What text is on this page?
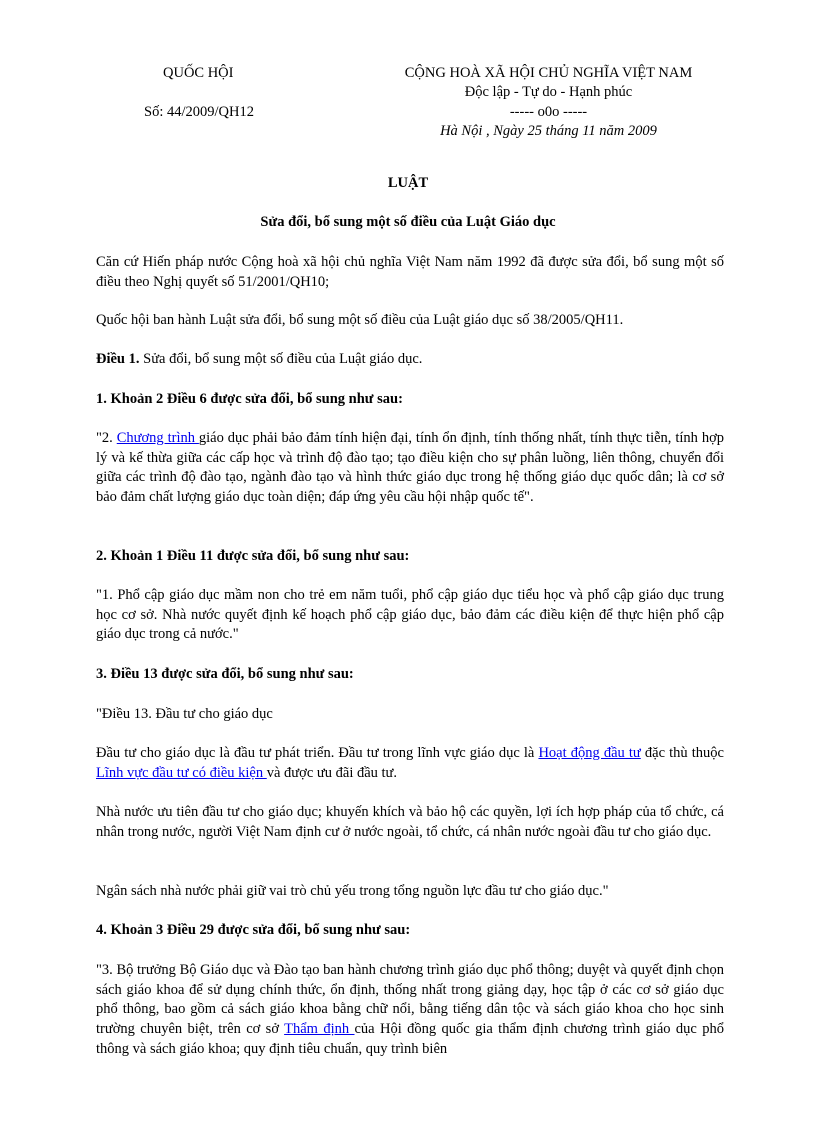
QUỐC HỘI
Số: 44/2009/QH12
CỘNG HOÀ XÃ HỘI CHỦ NGHĨA VIỆT NAM
Độc lập - Tự do - Hạnh phúc
----- o0o -----
Hà Nội , Ngày 25 tháng 11 năm 2009
LUẬT
Sửa đổi, bổ sung một số điều của Luật Giáo dục
Căn cứ Hiến pháp nước Cộng hoà xã hội chủ nghĩa Việt Nam năm 1992 đã được sửa đổi, bổ sung một số điều theo Nghị quyết số 51/2001/QH10;
Quốc hội ban hành Luật sửa đổi, bổ sung một số điều của Luật giáo dục số 38/2005/QH11.
Điều 1. Sửa đổi, bổ sung một số điều của Luật giáo dục.
1. Khoản 2 Điều 6 được sửa đổi, bổ sung như sau:
"2. Chương trình giáo dục phải bảo đảm tính hiện đại, tính ổn định, tính thống nhất, tính thực tiễn, tính hợp lý và kế thừa giữa các cấp học và trình độ đào tạo; tạo điều kiện cho sự phân luồng, liên thông, chuyển đổi giữa các trình độ đào tạo, ngành đào tạo và hình thức giáo dục trong hệ thống giáo dục quốc dân; là cơ sở bảo đảm chất lượng giáo dục toàn diện; đáp ứng yêu cầu hội nhập quốc tế".
2. Khoản 1 Điều 11 được sửa đổi, bổ sung như sau:
"1. Phổ cập giáo dục mầm non cho trẻ em năm tuổi, phổ cập giáo dục tiểu học và phổ cập giáo dục trung học cơ sở. Nhà nước quyết định kế hoạch phổ cập giáo dục, bảo đảm các điều kiện để thực hiện phổ cập giáo dục trong cả nước."
3. Điều 13 được sửa đổi, bổ sung như sau:
"Điều 13. Đầu tư cho giáo dục
Đầu tư cho giáo dục là đầu tư phát triển. Đầu tư trong lĩnh vực giáo dục là Hoạt động đầu tư đặc thù thuộc Lĩnh vực đầu tư có điều kiện và được ưu đãi đầu tư.
Nhà nước ưu tiên đầu tư cho giáo dục; khuyến khích và bảo hộ các quyền, lợi ích hợp pháp của tổ chức, cá nhân trong nước, người Việt Nam định cư ở nước ngoài, tổ chức, cá nhân nước ngoài đầu tư cho giáo dục.
Ngân sách nhà nước phải giữ vai trò chủ yếu trong tổng nguồn lực đầu tư cho giáo dục."
4. Khoản 3 Điều 29 được sửa đổi, bổ sung như sau:
"3. Bộ trưởng Bộ Giáo dục và Đào tạo ban hành chương trình giáo dục phổ thông; duyệt và quyết định chọn sách giáo khoa để sử dụng chính thức, ổn định, thống nhất trong giảng dạy, học tập ở các cơ sở giáo dục phổ thông, bao gồm cả sách giáo khoa bằng chữ nổi, bằng tiếng dân tộc và sách giáo khoa cho học sinh trường chuyên biệt, trên cơ sở Thẩm định của Hội đồng quốc gia thẩm định chương trình giáo dục phổ thông và sách giáo khoa; quy định tiêu chuẩn, quy trình biên
